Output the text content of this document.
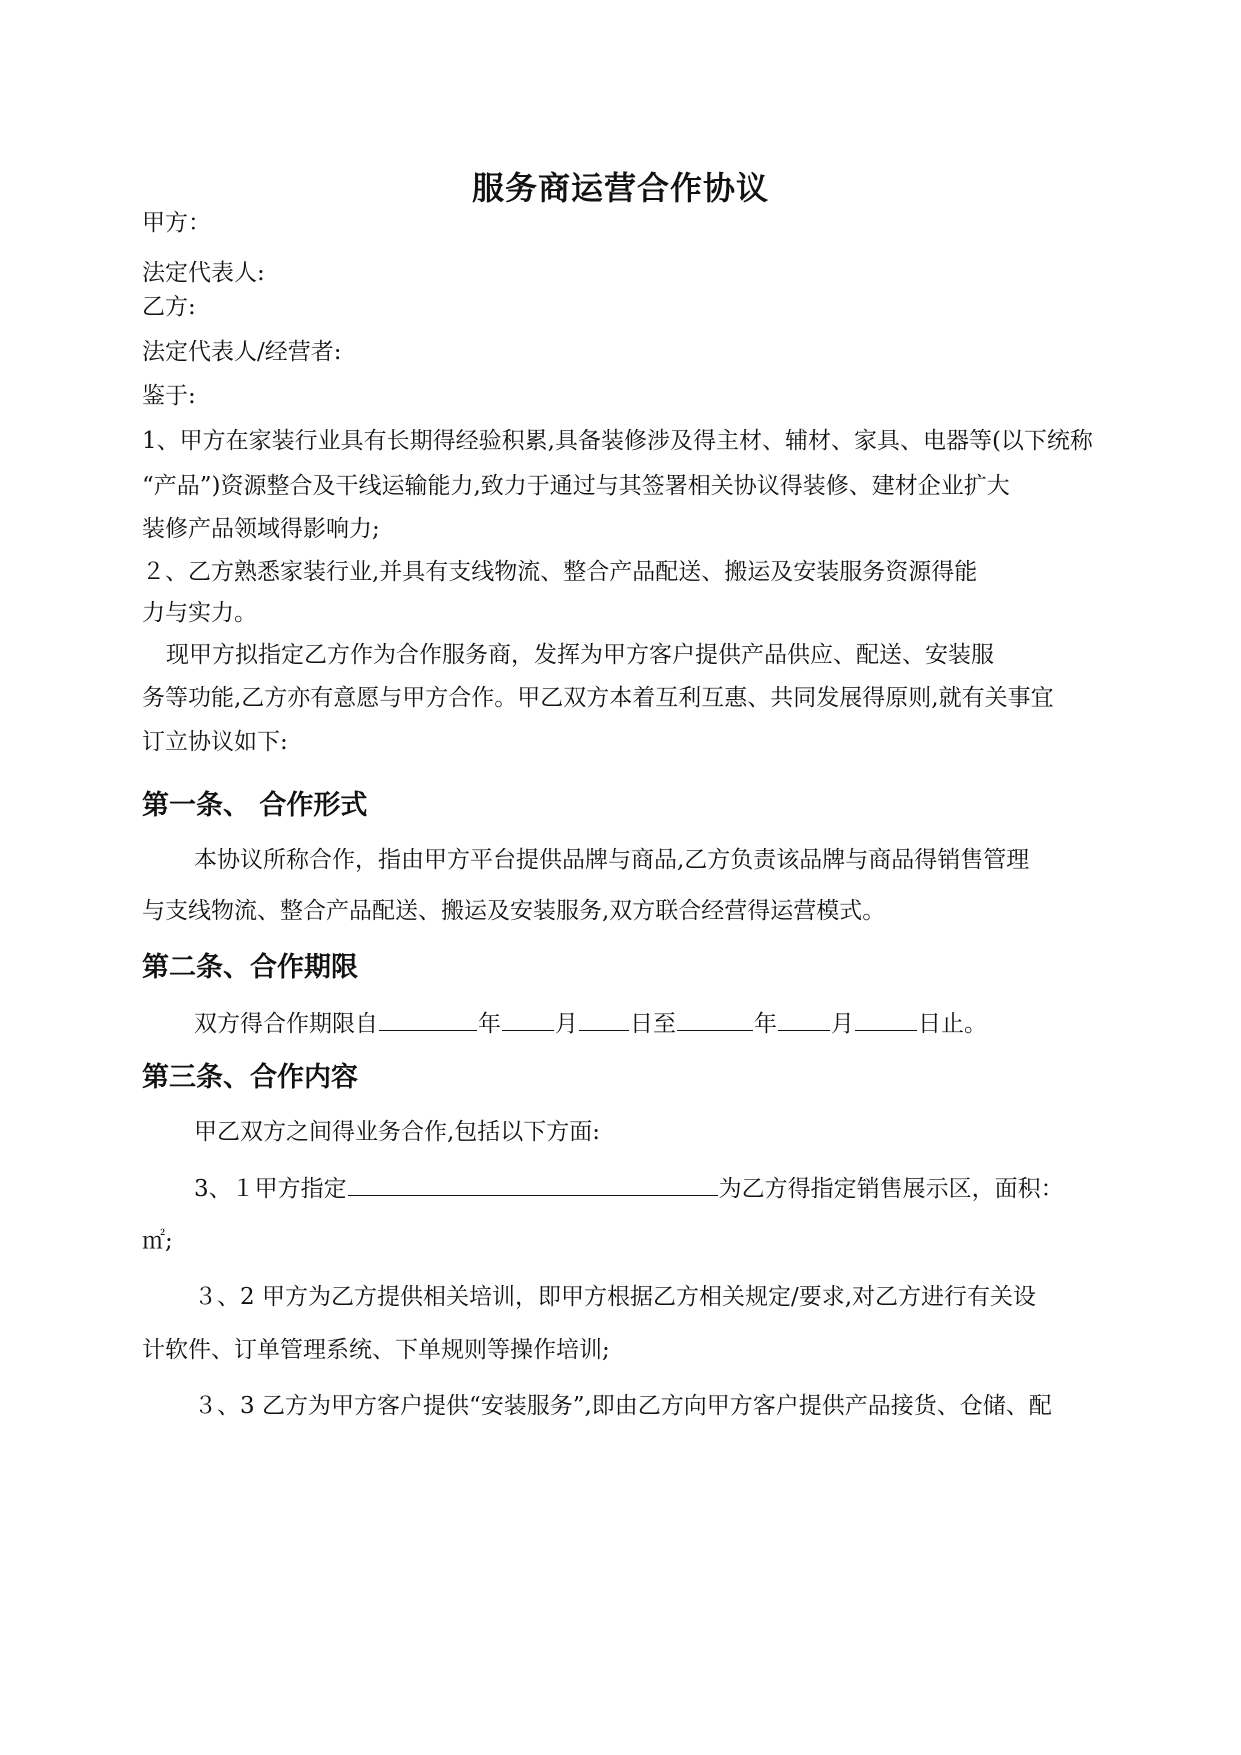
服务商运营合作协议
甲方：
法定代表人:
乙方:
法定代表人/经营者:
鉴于:
1、甲方在家装行业具有长期得经验积累,具备装修涉及得主材、辅材、家具、电器等(以下统称
“产品”)资源整合及干线运输能力,致力于通过与其签署相关协议得装修、建材企业扩大
装修产品领域得影响力;
２、乙方熟悉家装行业,并具有支线物流、整合产品配送、搬运及安装服务资源得能
力与实力。
现甲方拟指定乙方作为合作服务商，发挥为甲方客户提供产品供应、配送、安装服
务等功能,乙方亦有意愿与甲方合作。甲乙双方本着互利互惠、共同发展得原则,就有关事宜
订立协议如下:
第一条、 合作形式
本协议所称合作，指由甲方平台提供品牌与商品,乙方负责该品牌与商品得销售管理
与支线物流、整合产品配送、搬运及安装服务,双方联合经营得运营模式。
第二条、合作期限
双方得合作期限自	年 月 日至	年 月	日止。
第三条、合作内容
甲乙双方之间得业务合作,包括以下方面:
3、１甲方指定	为乙方得指定销售展示区，面积：
㎡;
３、2 甲方为乙方提供相关培训，即甲方根据乙方相关规定/要求,对乙方进行有关设
计软件、订单管理系统、下单规则等操作培训;
３、3 乙方为甲方客户提供“安装服务”,即由乙方向甲方客户提供产品接货、仓储、配
